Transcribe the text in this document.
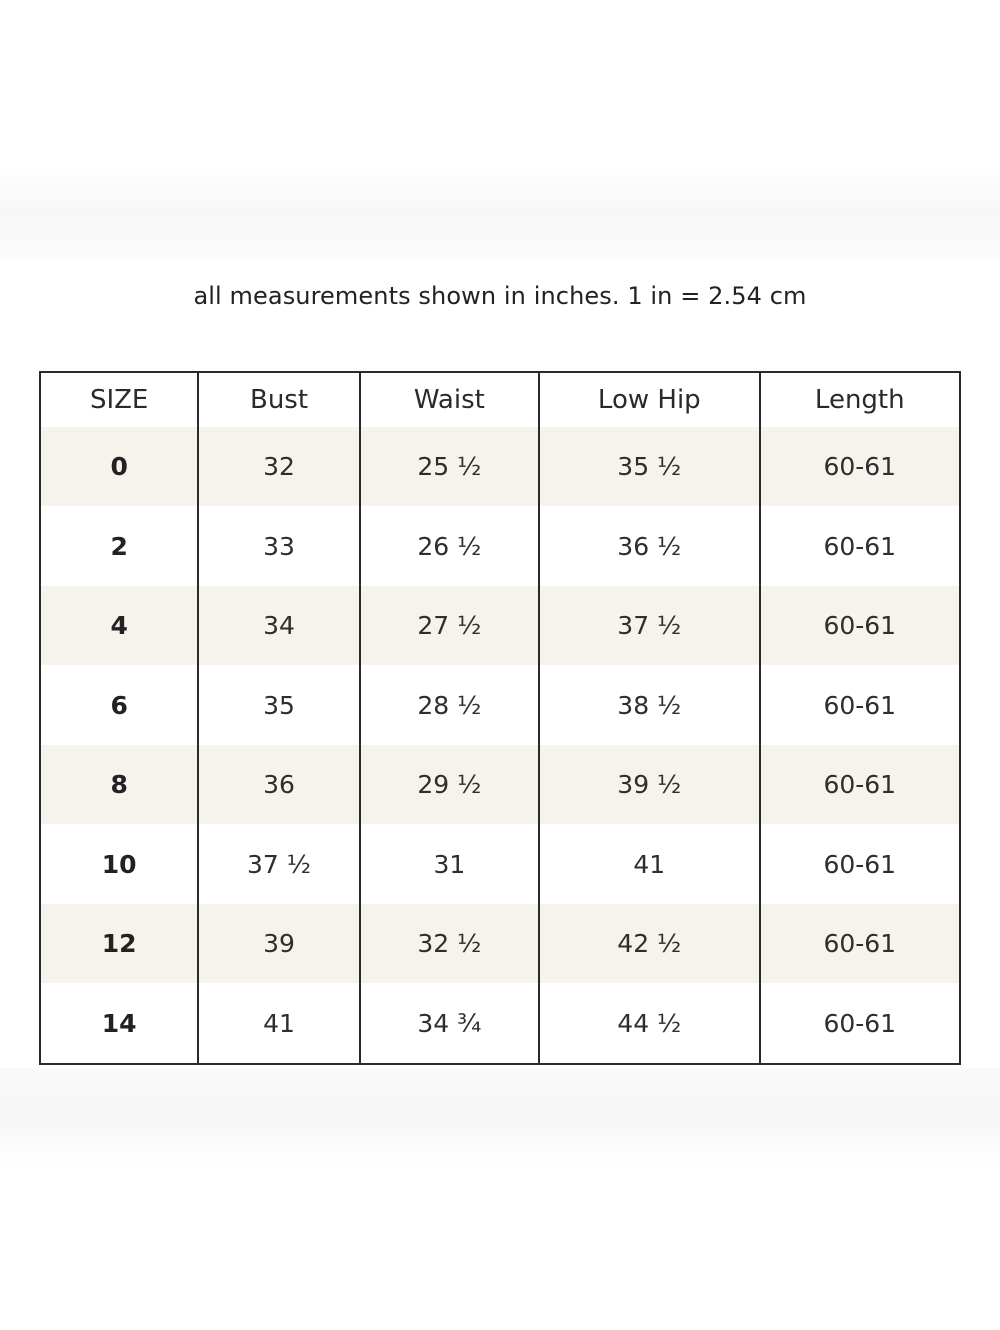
all measurements shown in inches. 1 in = 2.54 cm
SIZE	Bust	Waist	Low Hip	Length
0	32	25 ½	35 ½	60-61
2	33	26 ½	36 ½	60-61
4	34	27 ½	37 ½	60-61
6	35	28 ½	38 ½	60-61
8	36	29 ½	39 ½	60-61
10	37 ½	31	41	60-61
12	39	32 ½	42 ½	60-61
14	41	34 ¾	44 ½	60-61
